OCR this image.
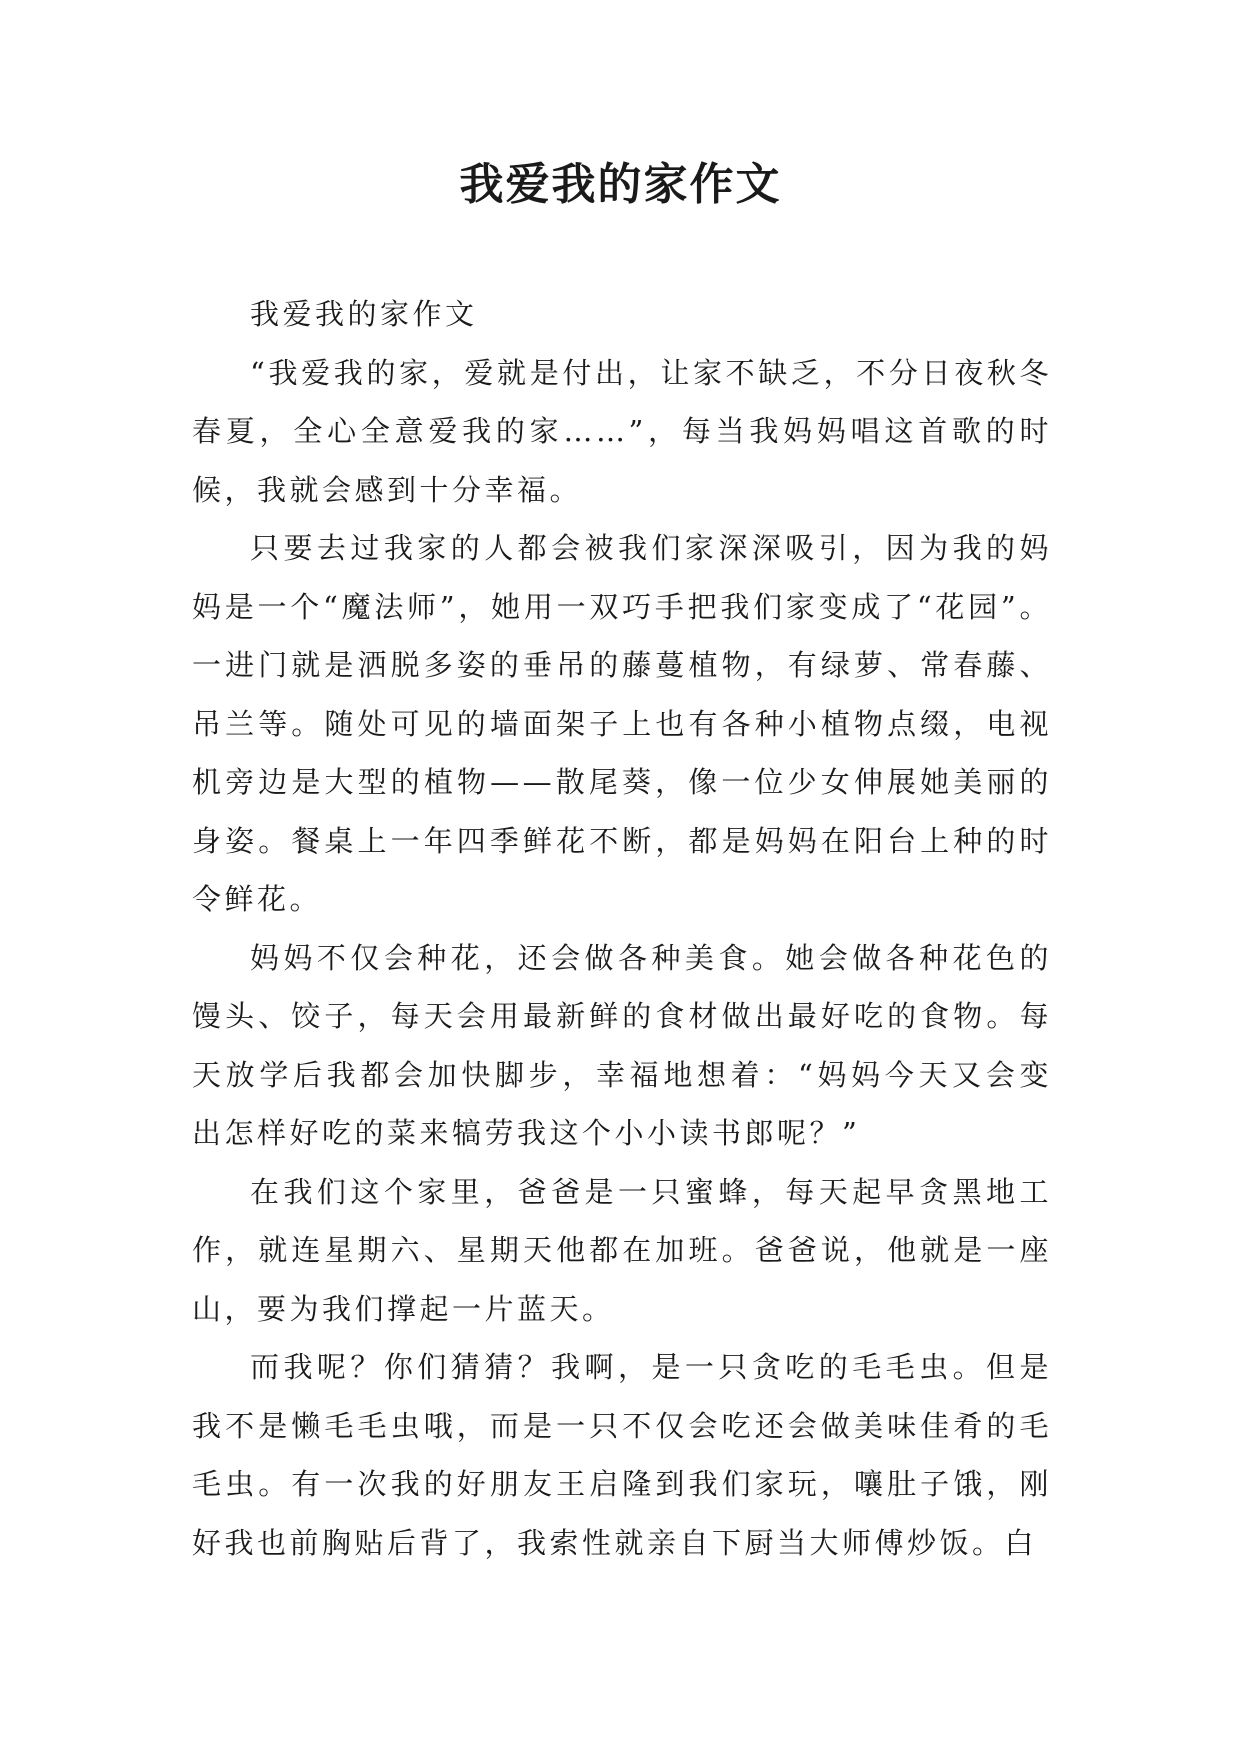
我爱我的家作文

我爱我的家作文

“我爱我的家，爱就是付出，让家不缺乏，不分日夜秋冬春夏，全心全意爱我的家……”，每当我妈妈唱这首歌的时候，我就会感到十分幸福。

只要去过我家的人都会被我们家深深吸引，因为我的妈妈是一个“魔法师”，她用一双巧手把我们家变成了“花园”。一进门就是洒脱多姿的垂吊的藤蔓植物，有绿萝、常春藤、吊兰等。随处可见的墙面架子上也有各种小植物点缀，电视机旁边是大型的植物——散尾葵，像一位少女伸展她美丽的身姿。餐桌上一年四季鲜花不断，都是妈妈在阳台上种的时令鲜花。

妈妈不仅会种花，还会做各种美食。她会做各种花色的馒头、饺子，每天会用最新鲜的食材做出最好吃的食物。每天放学后我都会加快脚步，幸福地想着：“妈妈今天又会变出怎样好吃的菜来犒劳我这个小小读书郎呢？”

在我们这个家里，爸爸是一只蜜蜂，每天起早贪黑地工作，就连星期六、星期天他都在加班。爸爸说，他就是一座山，要为我们撑起一片蓝天。

而我呢？你们猜猜？我啊，是一只贪吃的毛毛虫。但是我不是懒毛毛虫哦，而是一只不仅会吃还会做美味佳肴的毛毛虫。有一次我的好朋友王启隆到我们家玩，嚷肚子饿，刚好我也前胸贴后背了，我索性就亲自下厨当大师傅炒饭。白
